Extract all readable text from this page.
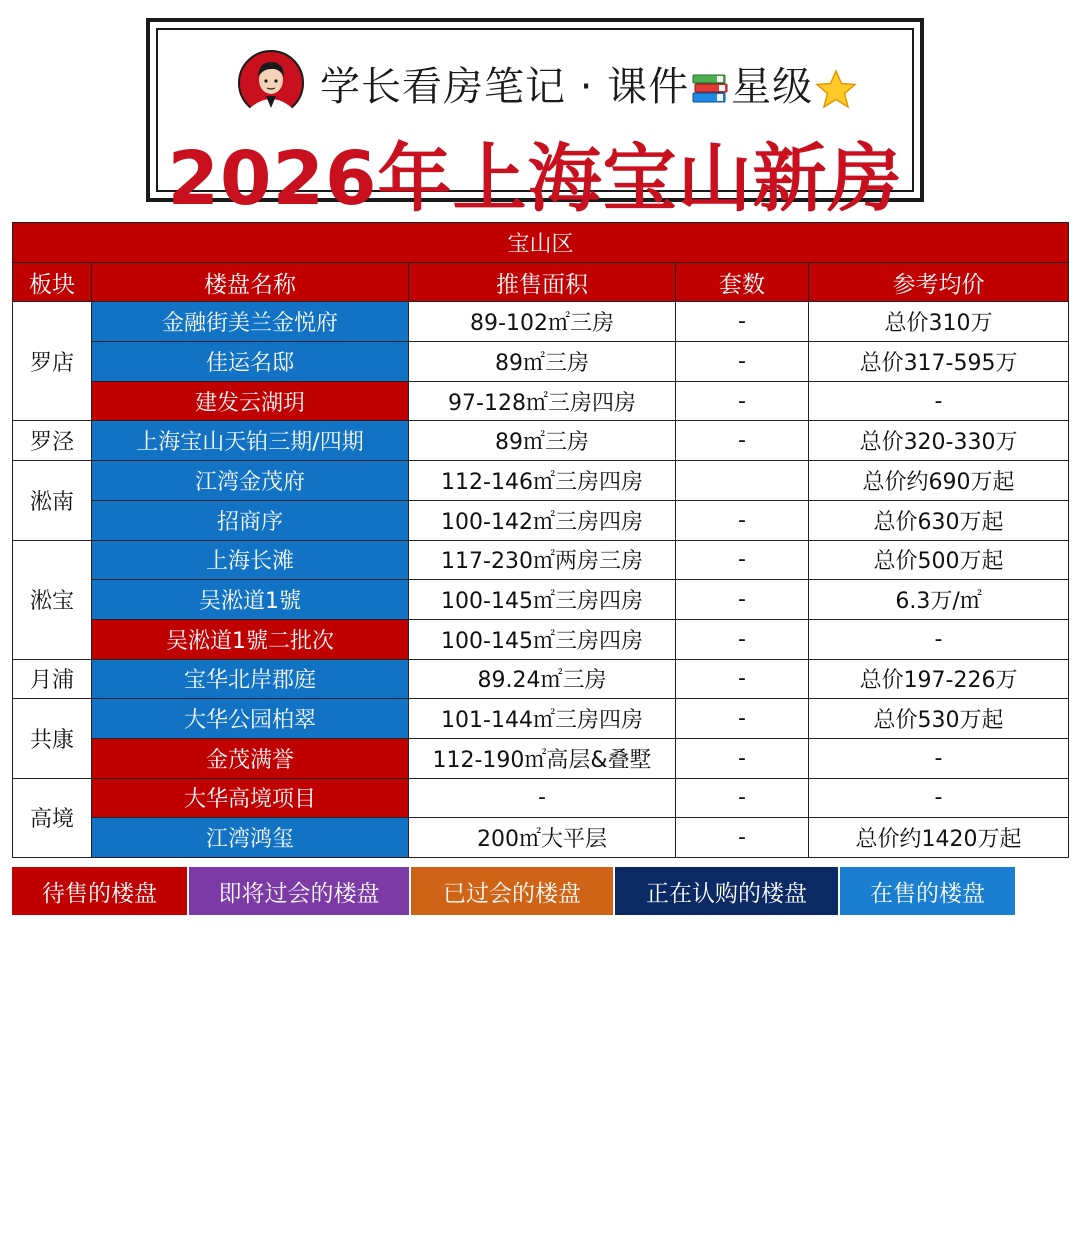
学长看房笔记 · 课件 星级
2026年上海宝山新房
宝山区				
板块	楼盘名称	推售面积	套数	参考均价
罗店	金融街美兰金悦府	89-102㎡三房	-	总价310万
	佳运名邸	89㎡三房	-	总价317-595万
	建发云湖玥	97-128㎡三房四房	-	-
罗泾	上海宝山天铂三期/四期	89㎡三房	-	总价320-330万
淞南	江湾金茂府	112-146㎡三房四房		总价约690万起
	招商序	100-142㎡三房四房	-	总价630万起
淞宝	上海长滩	117-230㎡两房三房	-	总价500万起
	吴淞道1號	100-145㎡三房四房	-	6.3万/㎡
	吴淞道1號二批次	100-145㎡三房四房	-	-
月浦	宝华北岸郡庭	89.24㎡三房	-	总价197-226万
共康	大华公园柏翠	101-144㎡三房四房	-	总价530万起
	金茂满誉	112-190㎡高层&叠墅	-	-
高境	大华高境项目	-	-	-
	江湾鸿玺	200㎡大平层	-	总价约1420万起
待售的楼盘	即将过会的楼盘	已过会的楼盘	正在认购的楼盘	在售的楼盘
